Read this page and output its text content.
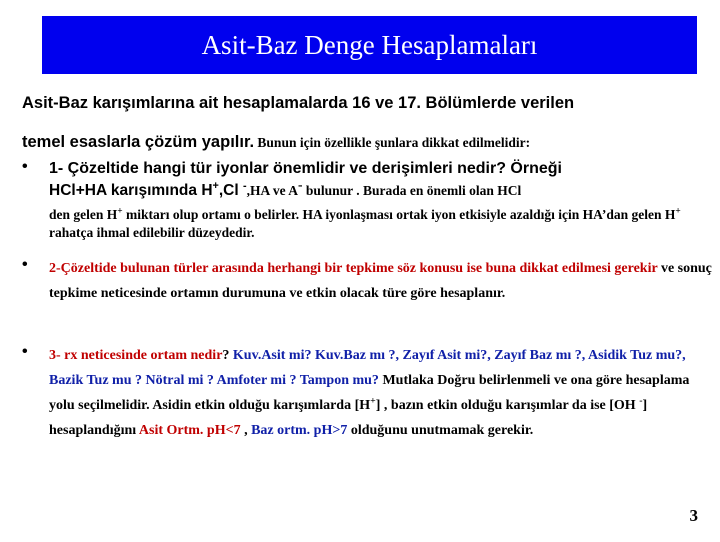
Asit-Baz Denge Hesaplamaları
Asit-Baz karışımlarına ait hesaplamalarda 16 ve 17. Bölümlerde verilen
temel esaslarla çözüm yapılır. Bunun için özellikle şunlara dikkat edilmelidir:
• 1- Çözeltide hangi tür iyonlar önemlidir ve derişimleri nedir? Örneği
HCl+HA karışımında H+,Cl -,HA ve A- bulunur . Burada en önemli olan HCl
den gelen H+ miktarı olup ortamı o belirler. HA iyonlaşması ortak iyon etkisiyle azaldığı için HA’dan gelen H+ rahatça ihmal edilebilir düzeydedir.
• 2-Çözeltide bulunan türler arasında herhangi bir tepkime söz konusu ise buna dikkat edilmesi gerekir ve sonuç tepkime neticesinde ortamın durumuna ve etkin olacak türe göre hesaplanır.
• 3- rx neticesinde ortam nedir? Kuv.Asit mi? Kuv.Baz mı ?, Zayıf Asit mi?, Zayıf Baz mı ?, Asidik Tuz mu?, Bazik Tuz mu ? Nötral mi ? Amfoter mi ? Tampon mu? Mutlaka Doğru belirlenmeli ve ona göre hesaplama yolu seçilmelidir. Asidin etkin olduğu karışımlarda [H+] , bazın etkin olduğu karışımlar da ise [OH -] hesaplandığını Asit Ortm. pH<7 , Baz ortm. pH>7 olduğunu unutmamak gerekir.
3
